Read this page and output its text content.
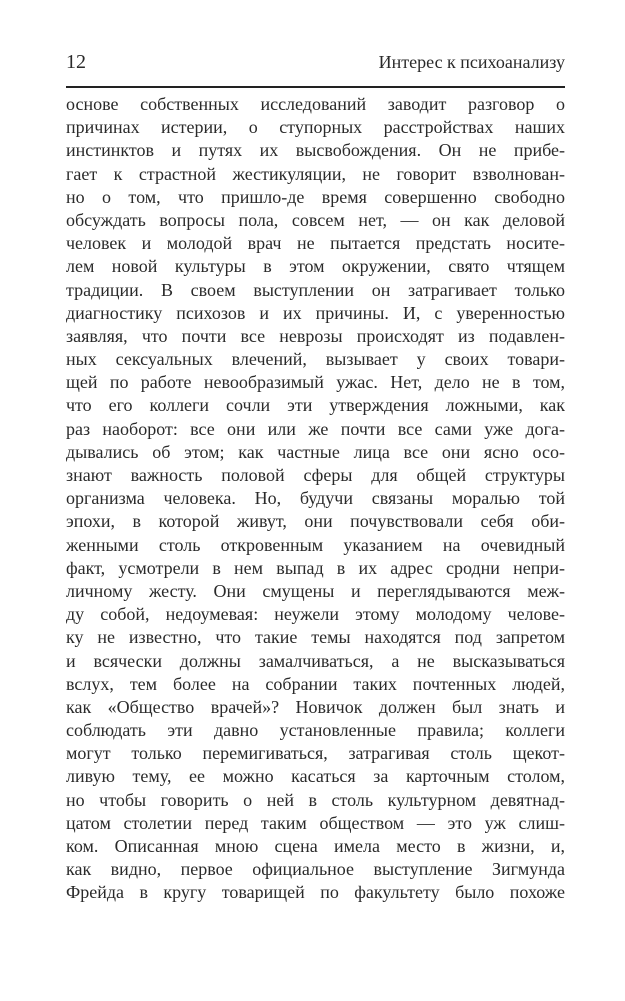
12	Интерес к психоанализу
основе собственных исследований заводит разговор о
причинах истерии, о ступорных расстройствах наших
инстинктов и путях их высвобождения. Он не прибе-
гает к страстной жестикуляции, не говорит взволнован-
но о том, что пришло-де время совершенно свободно
обсуждать вопросы пола, совсем нет, — он как деловой
человек и молодой врач не пытается предстать носите-
лем новой культуры в этом окружении, свято чтящем
традиции. В своем выступлении он затрагивает только
диагностику психозов и их причины. И, с уверенностью
заявляя, что почти все неврозы происходят из подавлен-
ных сексуальных влечений, вызывает у своих товари-
щей по работе невообразимый ужас. Нет, дело не в том,
что его коллеги сочли эти утверждения ложными, как
раз наоборот: все они или же почти все сами уже дога-
дывались об этом; как частные лица все они ясно осо-
знают важность половой сферы для общей структуры
организма человека. Но, будучи связаны моралью той
эпохи, в которой живут, они почувствовали себя оби-
женными столь откровенным указанием на очевидный
факт, усмотрели в нем выпад в их адрес сродни непри-
личному жесту. Они смущены и переглядываются меж-
ду собой, недоумевая: неужели этому молодому челове-
ку не известно, что такие темы находятся под запретом
и всячески должны замалчиваться, а не высказываться
вслух, тем более на собрании таких почтенных людей,
как «Общество врачей»? Новичок должен был знать и
соблюдать эти давно установленные правила; коллеги
могут только перемигиваться, затрагивая столь щекот-
ливую тему, ее можно касаться за карточным столом,
но чтобы говорить о ней в столь культурном девятнад-
цатом столетии перед таким обществом — это уж слиш-
ком. Описанная мною сцена имела место в жизни, и,
как видно, первое официальное выступление Зигмунда
Фрейда в кругу товарищей по факультету было похоже
